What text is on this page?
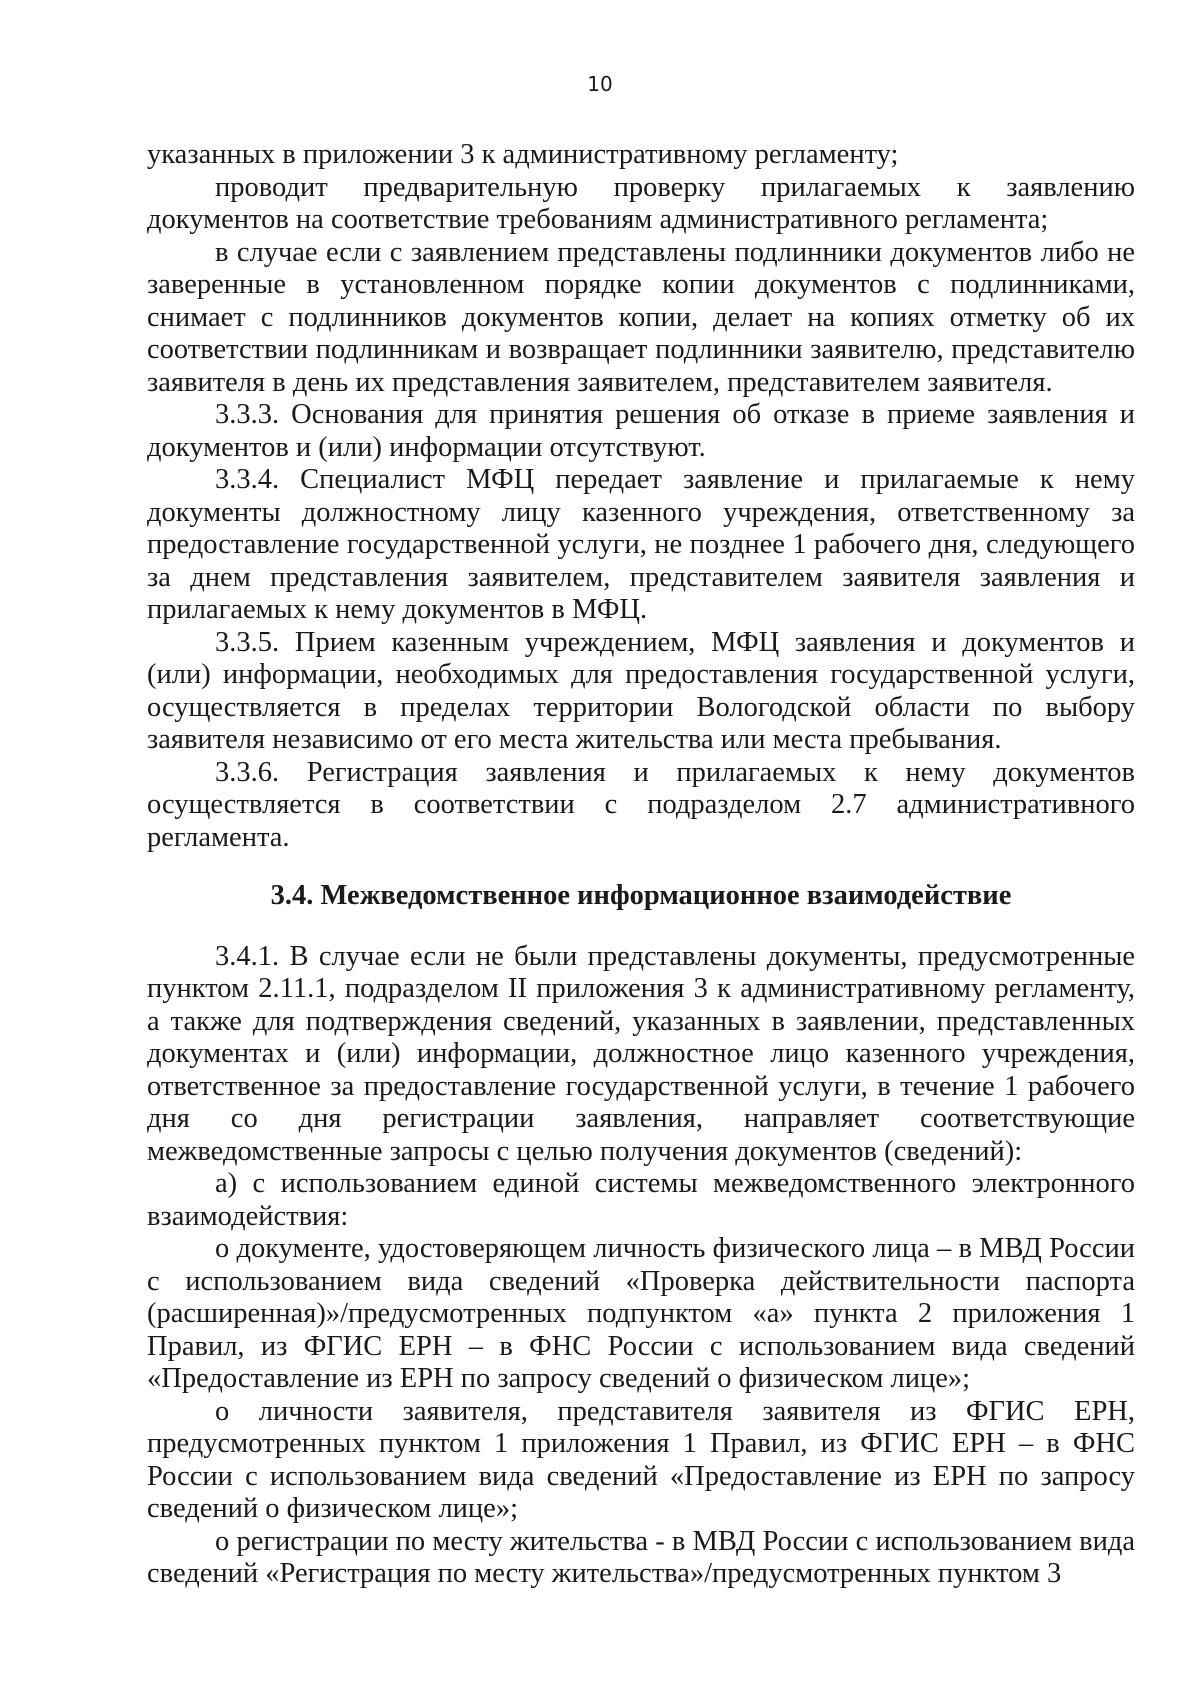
10

указанных в приложении 3 к административному регламенту;

проводит предварительную проверку прилагаемых к заявлению документов на соответствие требованиям административного регламента;

в случае если с заявлением представлены подлинники документов либо не заверенные в установленном порядке копии документов с подлинниками, снимает с подлинников документов копии, делает на копиях отметку об их соответствии подлинникам и возвращает подлинники заявителю, представителю заявителя в день их представления заявителем, представителем заявителя.

3.3.3. Основания для принятия решения об отказе в приеме заявления и документов и (или) информации отсутствуют.

3.3.4. Специалист МФЦ передает заявление и прилагаемые к нему документы должностному лицу казенного учреждения, ответственному за предоставление государственной услуги, не позднее 1 рабочего дня, следующего за днем представления заявителем, представителем заявителя заявления и прилагаемых к нему документов в МФЦ.

3.3.5. Прием казенным учреждением, МФЦ заявления и документов и (или) информации, необходимых для предоставления государственной услуги, осуществляется в пределах территории Вологодской области по выбору заявителя независимо от его места жительства или места пребывания.

3.3.6. Регистрация заявления и прилагаемых к нему документов осуществляется в соответствии с подразделом 2.7 административного регламента.

3.4. Межведомственное информационное взаимодействие

3.4.1. В случае если не были представлены документы, предусмотренные пунктом 2.11.1, подразделом II приложения 3 к административному регламенту, а также для подтверждения сведений, указанных в заявлении, представленных документах и (или) информации, должностное лицо казенного учреждения, ответственное за предоставление государственной услуги, в течение 1 рабочего дня со дня регистрации заявления, направляет соответствующие межведомственные запросы с целью получения документов (сведений):

а) с использованием единой системы межведомственного электронного взаимодействия:

о документе, удостоверяющем личность физического лица – в МВД России с использованием вида сведений «Проверка действительности паспорта (расширенная)»/предусмотренных подпунктом «а» пункта 2 приложения 1 Правил, из ФГИС ЕРН – в ФНС России с использованием вида сведений «Предоставление из ЕРН по запросу сведений о физическом лице»;

о личности заявителя, представителя заявителя из ФГИС ЕРН, предусмотренных пунктом 1 приложения 1 Правил, из ФГИС ЕРН – в ФНС России с использованием вида сведений «Предоставление из ЕРН по запросу сведений о физическом лице»;

о регистрации по месту жительства - в МВД России с использованием вида сведений «Регистрация по месту жительства»/предусмотренных пунктом 3
